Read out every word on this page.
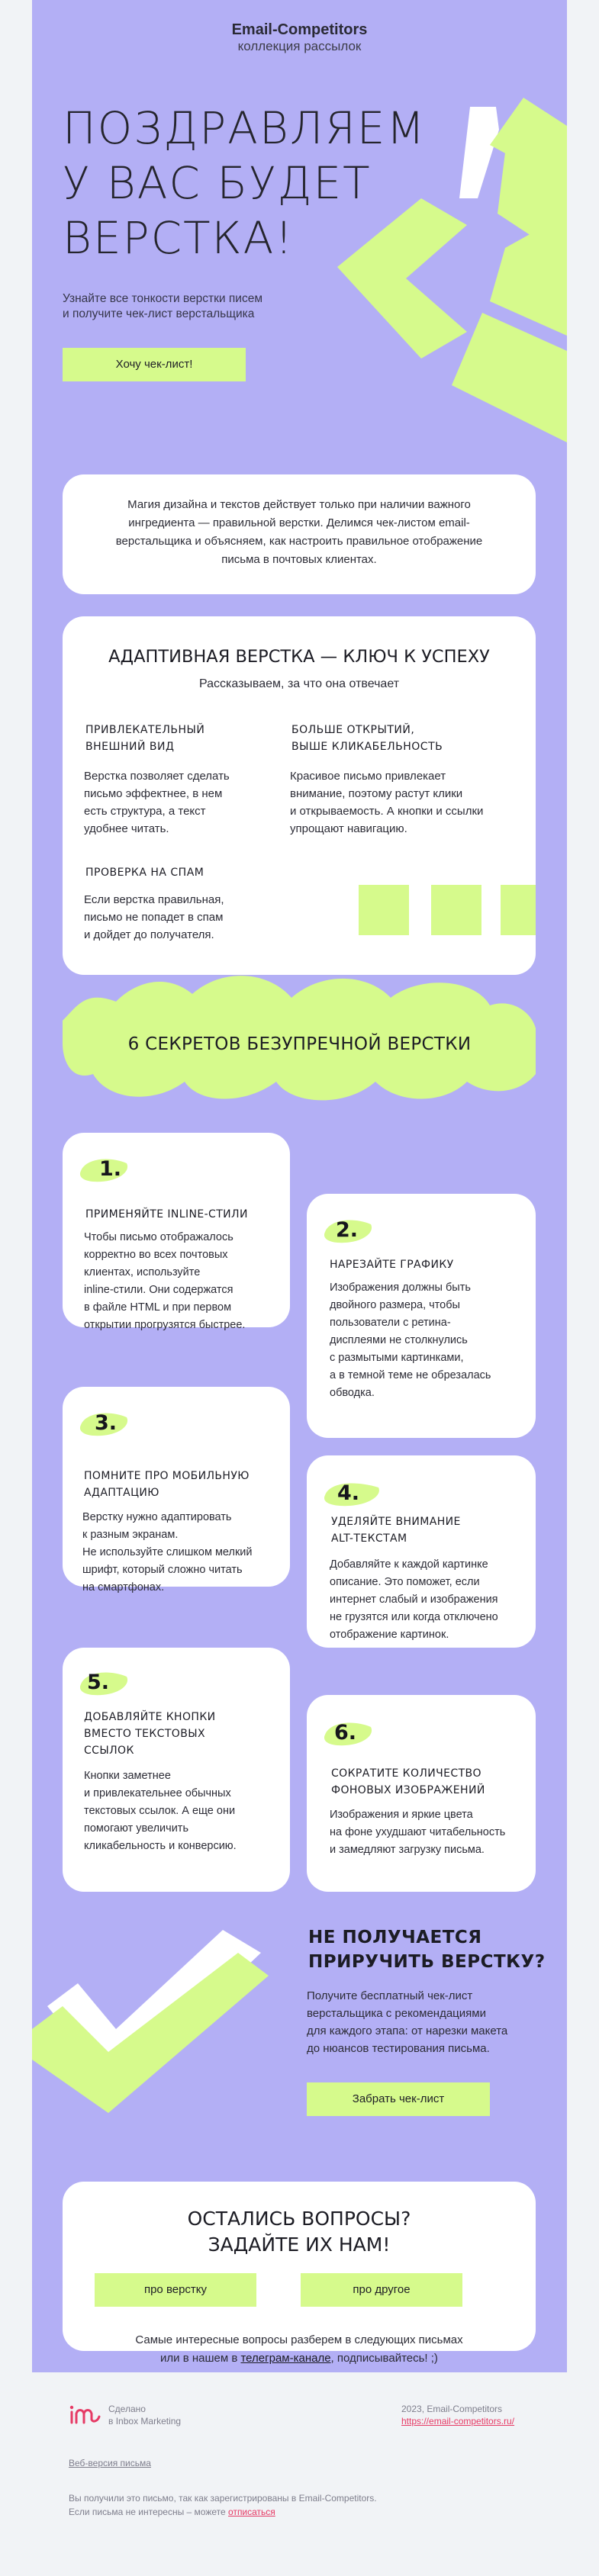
Email-Competitors
коллекция рассылок
ПОЗДРАВЛЯЕМ
У ВАС БУДЕТ
ВЕРСТКА!
Узнайте все тонкости верстки писем
и получите чек-лист верстальщика
Хочу чек-лист!

Магия дизайна и текстов действует только при наличии важного ингредиента — правильной верстки. Делимся чек-листом email-верстальщика и объясняем, как настроить правильное отображение письма в почтовых клиентах.

АДАПТИВНАЯ ВЕРСТКА — КЛЮЧ К УСПЕХУ
Рассказываем, за что она отвечает
ПРИВЛЕКАТЕЛЬНЫЙ
ВНЕШНИЙ ВИД
Верстка позволяет сделать
письмо эффектнее, в нем
есть структура, а текст
удобнее читать.
БОЛЬШЕ ОТКРЫТИЙ,
ВЫШЕ КЛИКАБЕЛЬНОСТЬ
Красивое письмо привлекает
внимание, поэтому растут клики
и открываемость. А кнопки и ссылки
упрощают навигацию.
ПРОВЕРКА НА СПАМ
Если верстка правильная,
письмо не попадет в спам
и дойдет до получателя.
6 СЕКРЕТОВ БЕЗУПРЕЧНОЙ ВЕРСТКИ
1.
ПРИМЕНЯЙТЕ INLINE-СТИЛИ
Чтобы письмо отображалось
корректно во всех почтовых
клиентах, используйте
inline-стили. Они содержатся
в файле HTML и при первом
открытии прогрузятся быстрее.
2.
НАРЕЗАЙТЕ ГРАФИКУ
Изображения должны быть
двойного размера, чтобы
пользователи с ретина-
дисплеями не столкнулись
с размытыми картинками,
а в темной теме не обрезалась
обводка.
3.
ПОМНИТЕ ПРО МОБИЛЬНУЮ
АДАПТАЦИЮ
Верстку нужно адаптировать
к разным экранам.
Не используйте слишком мелкий
шрифт, который сложно читать
на смартфонах.
4.
УДЕЛЯЙТЕ ВНИМАНИЕ
ALT-ТЕКСТАМ
Добавляйте к каждой картинке
описание. Это поможет, если
интернет слабый и изображения
не грузятся или когда отключено
отображение картинок.
5.
ДОБАВЛЯЙТЕ КНОПКИ
ВМЕСТО ТЕКСТОВЫХ
ССЫЛОК
Кнопки заметнее
и привлекательнее обычных
текстовых ссылок. А еще они
помогают увеличить
кликабельность и конверсию.
6.
СОКРАТИТЕ КОЛИЧЕСТВО
ФОНОВЫХ ИЗОБРАЖЕНИЙ
Изображения и яркие цвета
на фоне ухудшают читабельность
и замедляют загрузку письма.
НЕ ПОЛУЧАЕТСЯ
ПРИРУЧИТЬ ВЕРСТКУ?
Получите бесплатный чек-лист
верстальщика с рекомендациями
для каждого этапа: от нарезки макета
до нюансов тестирования письма.
Забрать чек-лист
ОСТАЛИСЬ ВОПРОСЫ?
ЗАДАЙТЕ ИХ НАМ!
про верстку	про другое
Самые интересные вопросы разберем в следующих письмах
или в нашем в телеграм-канале, подписывайтесь! ;)
Сделано
в Inbox Marketing
2023, Email-Competitors
https://email-competitors.ru/
Веб-версия письма
Вы получили это письмо, так как зарегистрированы в Email-Competitors.
Если письма не интересны – можете отписаться
